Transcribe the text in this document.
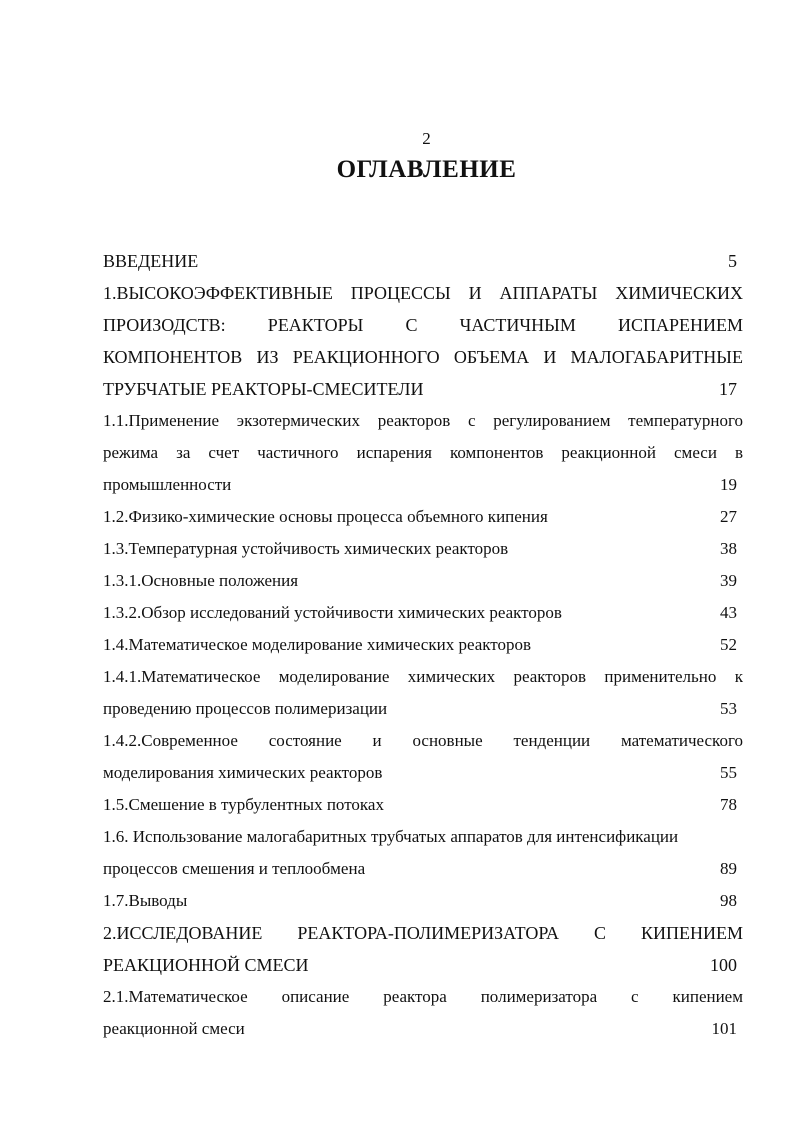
2
ОГЛАВЛЕНИЕ
ВВЕДЕНИЕ	5
1.ВЫСОКОЭФФЕКТИВНЫЕ ПРОЦЕССЫ И АППАРАТЫ ХИМИЧЕСКИХ
ПРОИЗОДСТВ: РЕАКТОРЫ С ЧАСТИЧНЫМ ИСПАРЕНИЕМ
КОМПОНЕНТОВ ИЗ РЕАКЦИОННОГО ОБЪЕМА И МАЛОГАБАРИТНЫЕ
ТРУБЧАТЫЕ РЕАКТОРЫ-СМЕСИТЕЛИ	17
1.1.Применение экзотермических реакторов с регулированием температурного
режима за счет частичного испарения компонентов реакционной смеси в
промышленности	19
1.2.Физико-химические основы процесса объемного кипения	27
1.3.Температурная устойчивость химических реакторов	38
1.3.1.Основные положения	39
1.3.2.Обзор исследований устойчивости химических реакторов	43
1.4.Математическое моделирование химических реакторов	52
1.4.1.Математическое моделирование химических реакторов применительно к
проведению процессов полимеризации	53
1.4.2.Современное состояние и основные тенденции математического
моделирования химических реакторов	55
1.5.Смешение в турбулентных потоках	78
1.6. Использование малогабаритных трубчатых аппаратов для интенсификации
процессов смешения и теплообмена	89
1.7.Выводы	98
2.ИССЛЕДОВАНИЕ РЕАКТОРА-ПОЛИМЕРИЗАТОРА С КИПЕНИЕМ
РЕАКЦИОННОЙ СМЕСИ	100
2.1.Математическое описание реактора полимеризатора с кипением
реакционной смеси	101
